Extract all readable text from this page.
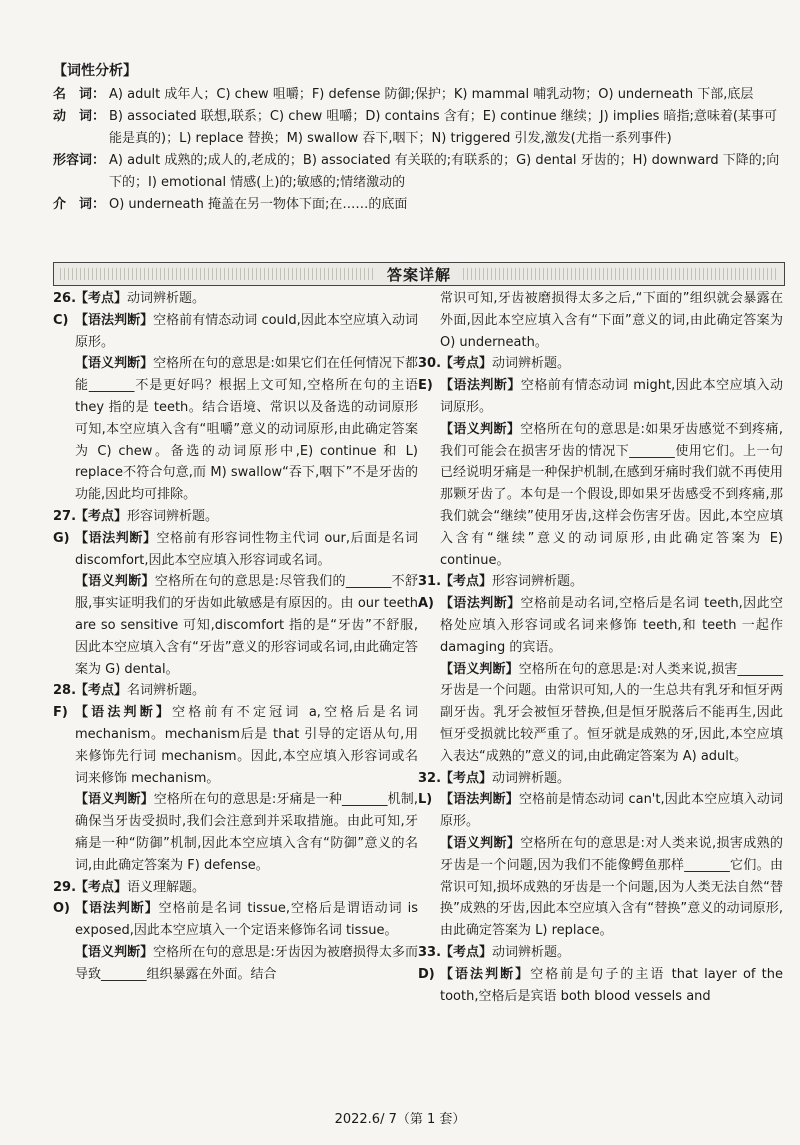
【词性分析】
名　词： A) adult 成年人；C) chew 咀嚼；F) defense 防御;保护；K) mammal 哺乳动物；O) underneath 下部,底层
动　词： B) associated 联想,联系；C) chew 咀嚼；D) contains 含有；E) continue 继续；J) implies 暗指;意味着(某事可能是真的)；L) replace 替换；M) swallow 吞下,咽下；N) triggered 引发,激发(尤指一系列事件)
形容词： A) adult 成熟的;成人的,老成的；B) associated 有关联的;有联系的；G) dental 牙齿的；H) downward 下降的;向下的；I) emotional 情感(上)的;敏感的;情绪激动的
介　词： O) underneath 掩盖在另一物体下面;在……的底面
答案详解
26.
【考点】动词辨析题。
C) 【语法判断】空格前有情态动词 could,因此本空应填入动词原形。
【语义判断】空格所在句的意思是:如果它们在任何情况下都能_______不是更好吗？根据上文可知,空格所在句的主语 they 指的是 teeth。结合语境、常识以及备选的动词原形可知,本空应填入含有“咀嚼”意义的动词原形,由此确定答案为 C) chew。备选的动词原形中,E) continue 和 L) replace不符合句意,而 M) swallow“吞下,咽下”不是牙齿的功能,因此均可排除。
27.
【考点】形容词辨析题。
G) 【语法判断】空格前有形容词性物主代词 our,后面是名词 discomfort,因此本空应填入形容词或名词。
【语义判断】空格所在句的意思是:尽管我们的_______不舒服,事实证明我们的牙齿如此敏感是有原因的。由 our teeth are so sensitive 可知,discomfort 指的是“牙齿”不舒服,因此本空应填入含有“牙齿”意义的形容词或名词,由此确定答案为 G) dental。
28.
【考点】名词辨析题。
F) 【语法判断】空格前有不定冠词 a,空格后是名词 mechanism。mechanism后是 that 引导的定语从句,用来修饰先行词 mechanism。因此,本空应填入形容词或名词来修饰 mechanism。
【语义判断】空格所在句的意思是:牙痛是一种_______机制,确保当牙齿受损时,我们会注意到并采取措施。由此可知,牙痛是一种“防御”机制,因此本空应填入含有“防御”意义的名词,由此确定答案为 F) defense。
29.
【考点】语义理解题。
O) 【语法判断】空格前是名词 tissue,空格后是谓语动词 is exposed,因此本空应填入一个定语来修饰名词 tissue。
【语义判断】空格所在句的意思是:牙齿因为被磨损得太多而导致_______组织暴露在外面。结合
常识可知,牙齿被磨损得太多之后,“下面的”组织就会暴露在外面,因此本空应填入含有“下面”意义的词,由此确定答案为 O) underneath。
30.
【考点】动词辨析题。
E) 【语法判断】空格前有情态动词 might,因此本空应填入动词原形。
【语义判断】空格所在句的意思是:如果牙齿感觉不到疼痛,我们可能会在损害牙齿的情况下_______使用它们。上一句已经说明牙痛是一种保护机制,在感到牙痛时我们就不再使用那颗牙齿了。本句是一个假设,即如果牙齿感受不到疼痛,那我们就会“继续”使用牙齿,这样会伤害牙齿。因此,本空应填入含有“继续”意义的动词原形,由此确定答案为 E) continue。
31.
【考点】形容词辨析题。
A) 【语法判断】空格前是动名词,空格后是名词 teeth,因此空格处应填入形容词或名词来修饰 teeth,和 teeth 一起作 damaging 的宾语。
【语义判断】空格所在句的意思是:对人类来说,损害_______牙齿是一个问题。由常识可知,人的一生总共有乳牙和恒牙两副牙齿。乳牙会被恒牙替换,但是恒牙脱落后不能再生,因此恒牙受损就比较严重了。恒牙就是成熟的牙,因此,本空应填入表达“成熟的”意义的词,由此确定答案为 A) adult。
32.
【考点】动词辨析题。
L) 【语法判断】空格前是情态动词 can't,因此本空应填入动词原形。
【语义判断】空格所在句的意思是:对人类来说,损害成熟的牙齿是一个问题,因为我们不能像鳄鱼那样_______它们。由常识可知,损坏成熟的牙齿是一个问题,因为人类无法自然“替换”成熟的牙齿,因此本空应填入含有“替换”意义的动词原形,由此确定答案为 L) replace。
33.
【考点】动词辨析题。
D) 【语法判断】空格前是句子的主语 that layer of the tooth,空格后是宾语 both blood vessels and
2022.6/ 7（第 1 套）
